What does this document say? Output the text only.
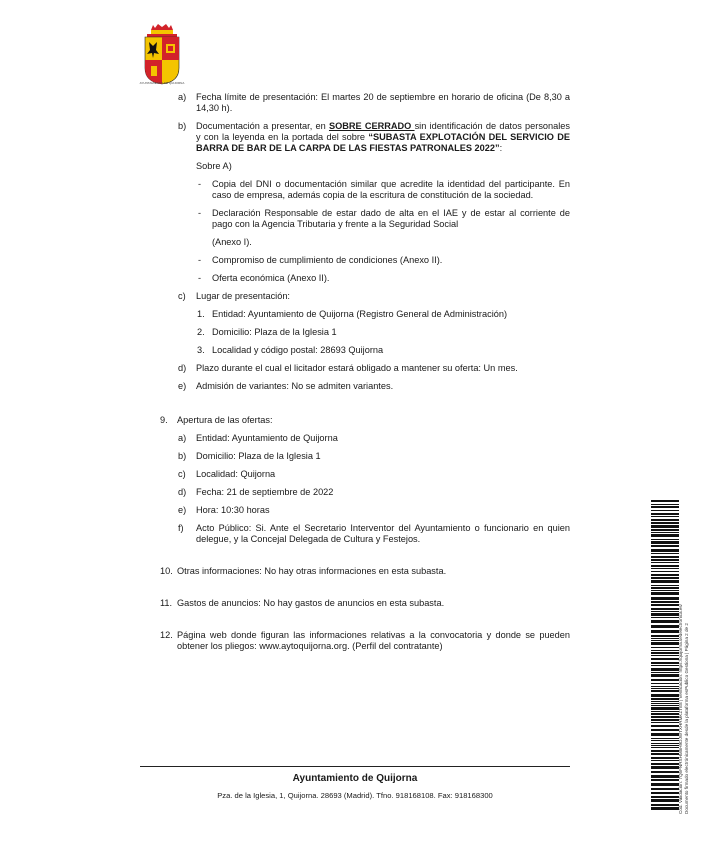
AYUNTAMIENTO DE QUIJORNA
a) Fecha límite de presentación: El martes 20 de septiembre en horario de oficina (De 8,30 a 14,30 h).
b) Documentación a presentar, en SOBRE CERRADO sin identificación de datos personales y con la leyenda en la portada del sobre “SUBASTA EXPLOTACIÓN DEL SERVICIO DE BARRA DE BAR DE LA CARPA DE LAS FIESTAS PATRONALES 2022”:
Sobre A)
- Copia del DNI o documentación similar que acredite la identidad del participante. En caso de empresa, además copia de la escritura de constitución de la sociedad.
- Declaración Responsable de estar dado de alta en el IAE y de estar al corriente de pago con la Agencia Tributaria y frente a la Seguridad Social
(Anexo I).
- Compromiso de cumplimiento de condiciones (Anexo II).
- Oferta económica (Anexo II).
c) Lugar de presentación:
1. Entidad: Ayuntamiento de Quijorna (Registro General de Administración)
2. Domicilio: Plaza de la Iglesia 1
3. Localidad y código postal: 28693 Quijorna
d) Plazo durante el cual el licitador estará obligado a mantener su oferta: Un mes.
e) Admisión de variantes: No se admiten variantes.
9. Apertura de las ofertas:
a) Entidad: Ayuntamiento de Quijorna
b) Domicilio: Plaza de la Iglesia 1
c) Localidad: Quijorna
d) Fecha: 21 de septiembre de 2022
e) Hora: 10:30 horas
f) Acto Público: Si. Ante el Secretario Interventor del Ayuntamiento o funcionario en quien delegue, y la Concejal Delegada de Cultura y Festejos.
10. Otras informaciones: No hay otras informaciones en esta subasta.
11. Gastos de anuncios: No hay gastos de anuncios en esta subasta.
12. Página web donde figuran las informaciones relativas a la convocatoria y donde se pueden obtener los pliegos: www.aytoquijorna.org. (Perfil del contratante)
Ayuntamiento de Quijorna
Pza. de la Iglesia, 1, Quijorna. 28693 (Madrid). Tfno. 918168108. Fax: 918168300	Cód. Validación: 7Q5FNRSHM5H9DJWTXHRMKZTE8 | Verificación: https://quijorna.sedelectronica.es/ Documento firmado electrónicamente desde la plataforma esPublico Gestiona | Página 2 de 2
